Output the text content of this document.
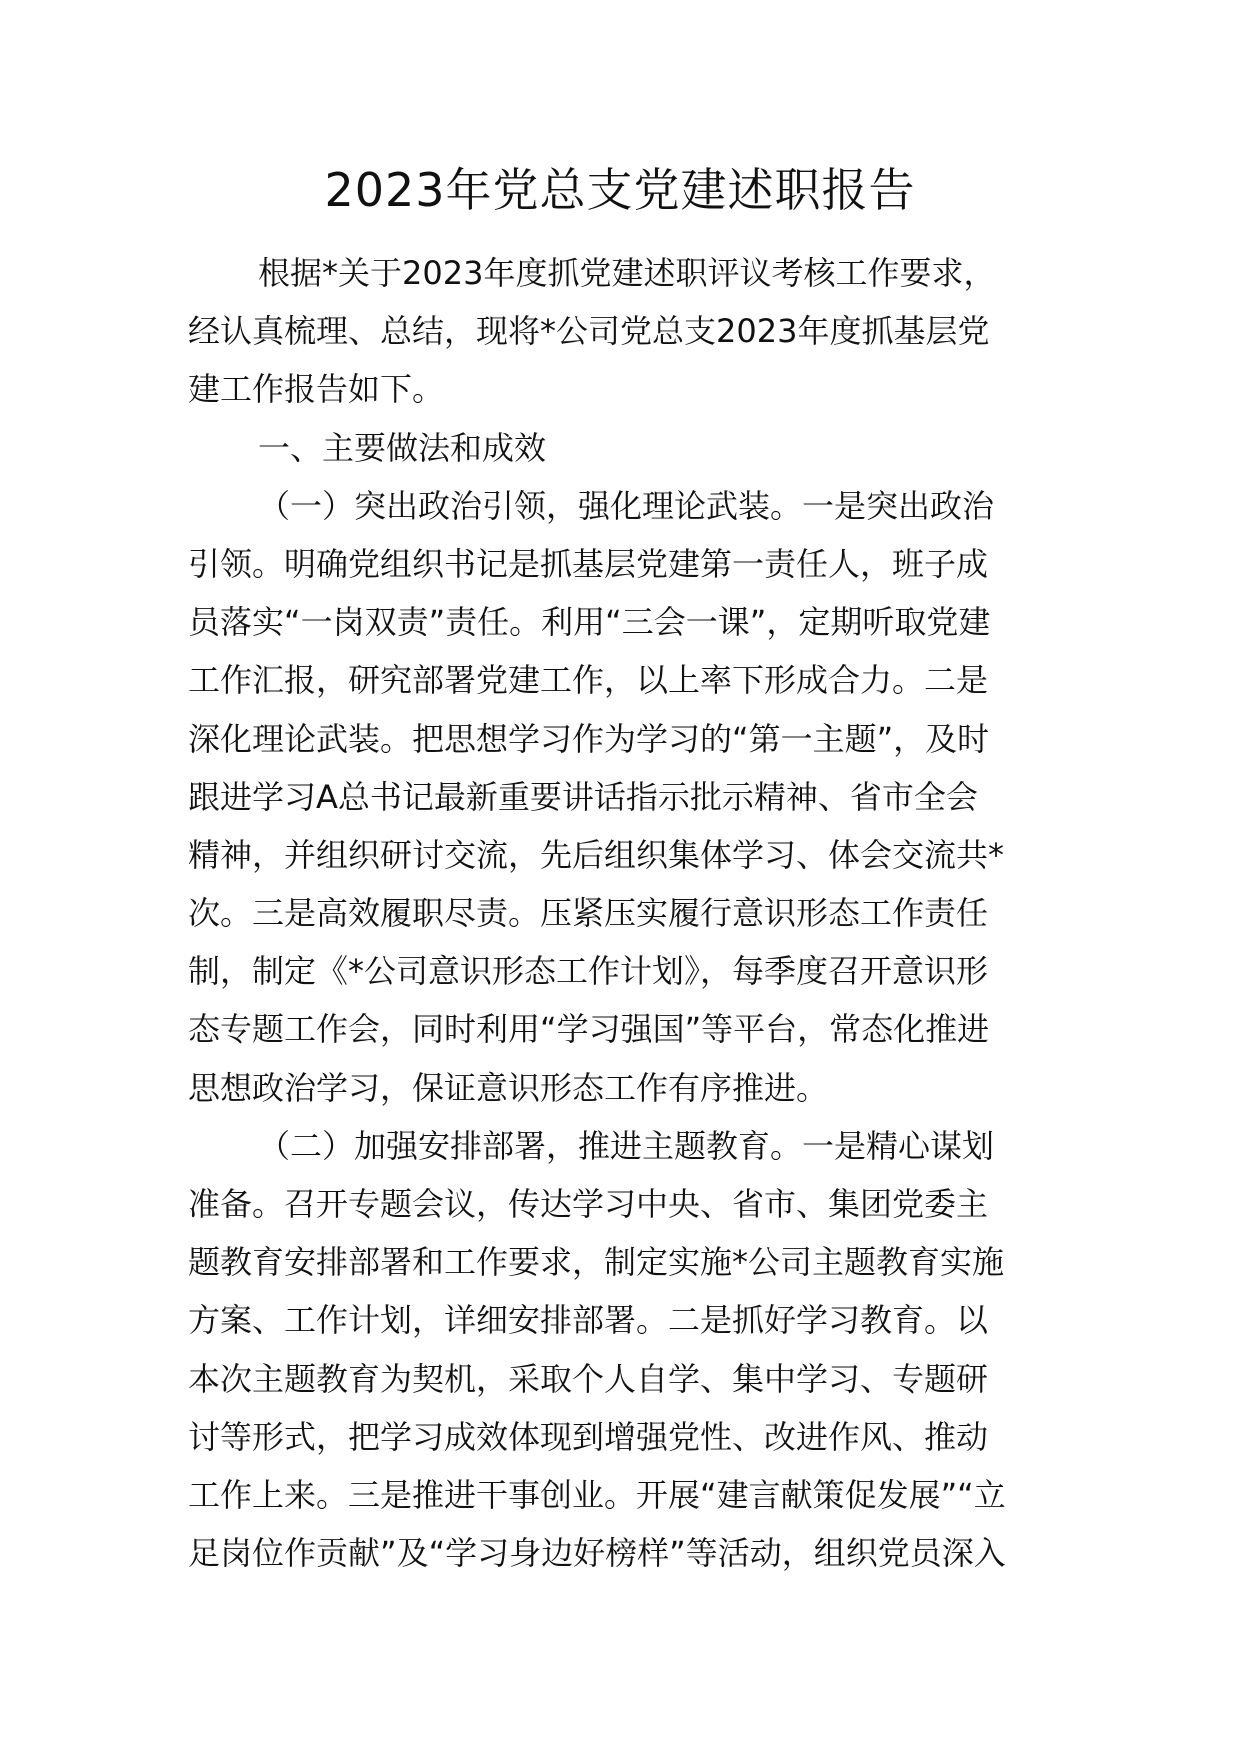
2023年党总支党建述职报告
根据*关于2023年度抓党建述职评议考核工作要求，
经认真梳理、总结，现将*公司党总支2023年度抓基层党
建工作报告如下。
一、主要做法和成效
（一）突出政治引领，强化理论武装。一是突出政治
引领。明确党组织书记是抓基层党建第一责任人，班子成
员落实“一岗双责”责任。利用“三会一课”，定期听取党建
工作汇报，研究部署党建工作，以上率下形成合力。二是
深化理论武装。把思想学习作为学习的“第一主题”，及时
跟进学习A总书记最新重要讲话指示批示精神、省市全会
精神，并组织研讨交流，先后组织集体学习、体会交流共*
次。三是高效履职尽责。压紧压实履行意识形态工作责任
制，制定《*公司意识形态工作计划》，每季度召开意识形
态专题工作会，同时利用“学习强国”等平台，常态化推进
思想政治学习，保证意识形态工作有序推进。
（二）加强安排部署，推进主题教育。一是精心谋划
准备。召开专题会议，传达学习中央、省市、集团党委主
题教育安排部署和工作要求，制定实施*公司主题教育实施
方案、工作计划，详细安排部署。二是抓好学习教育。以
本次主题教育为契机，采取个人自学、集中学习、专题研
讨等形式，把学习成效体现到增强党性、改进作风、推动
工作上来。三是推进干事创业。开展“建言献策促发展”“立
足岗位作贡献”及“学习身边好榜样”等活动，组织党员深入
